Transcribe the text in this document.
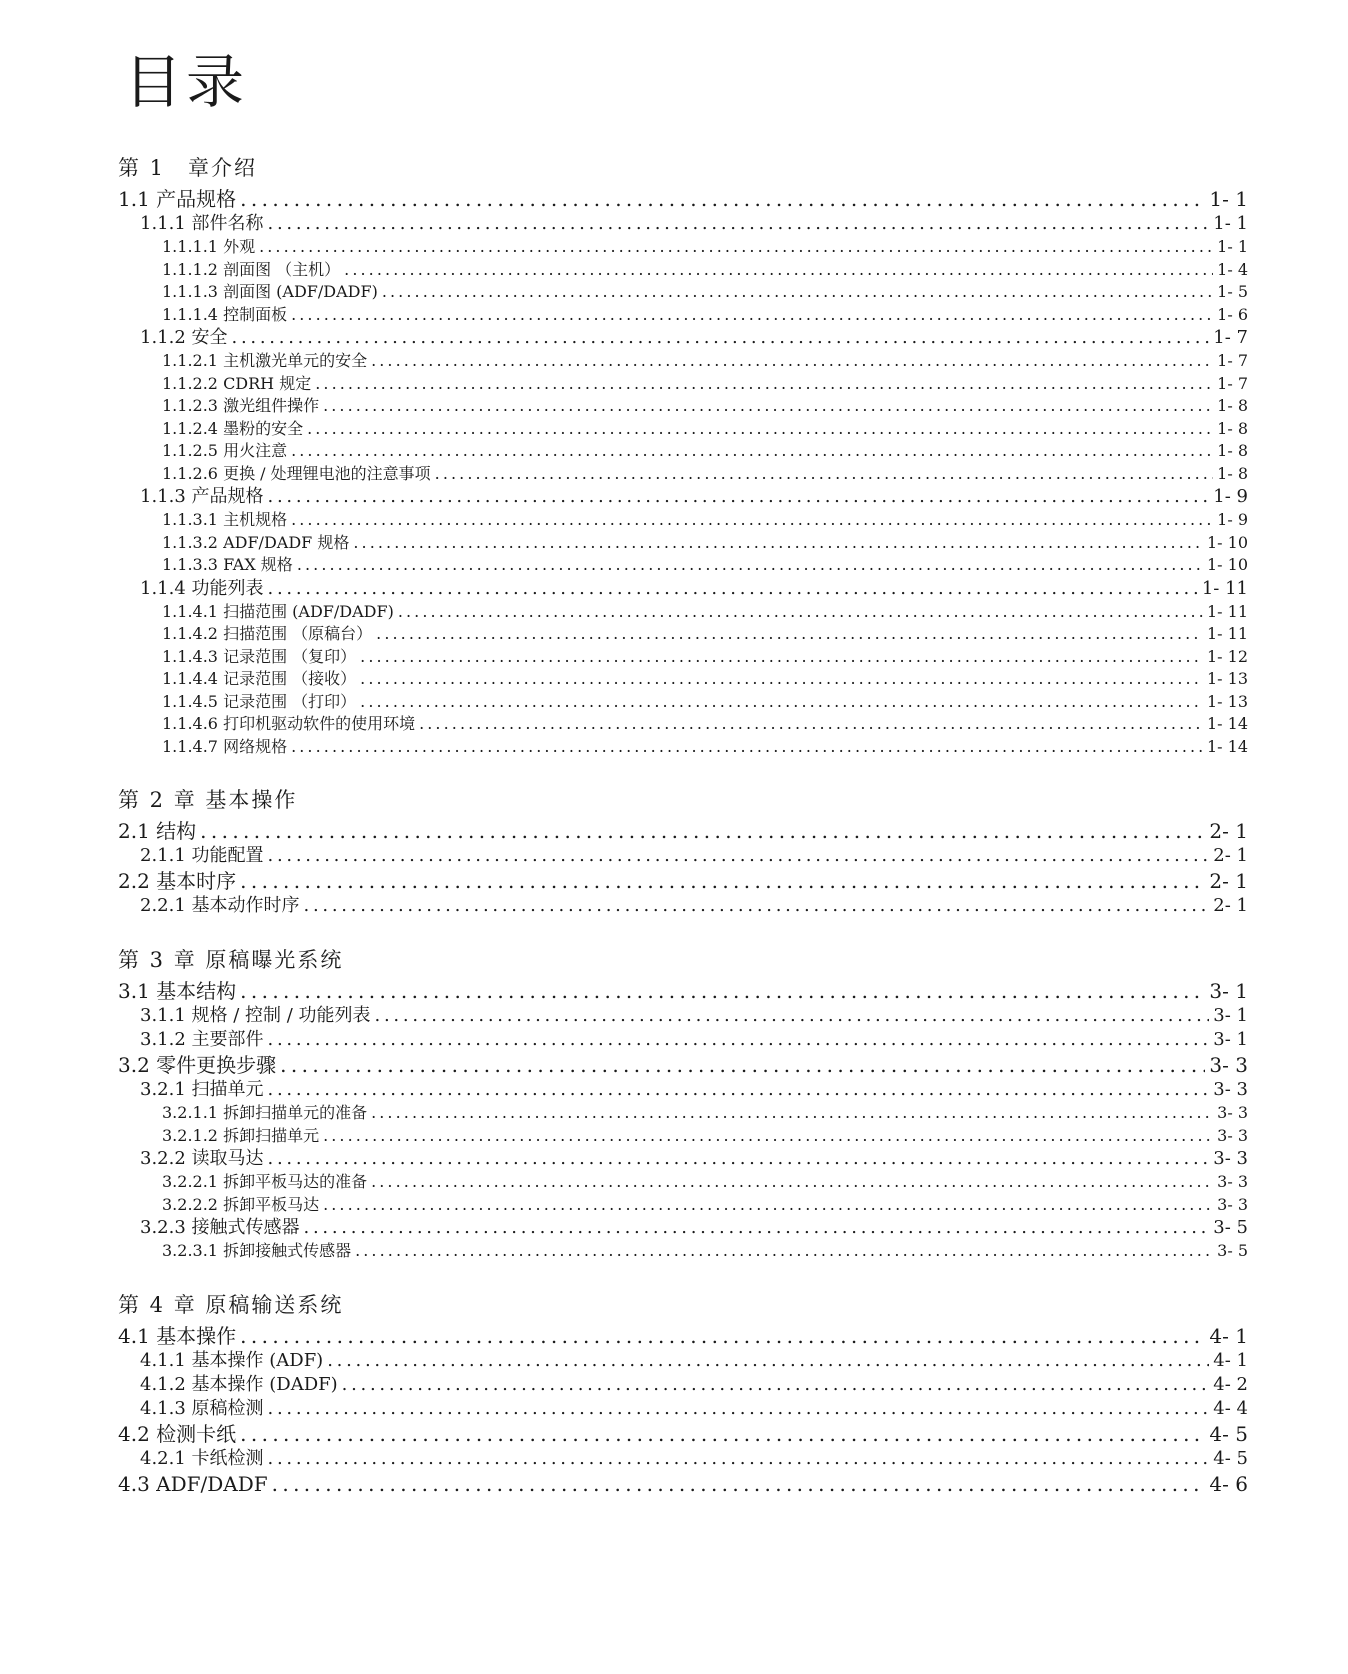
目录
第 1　章介绍
1.1 产品规格 . . .	1- 1
1.1.1 部件名称 . . .	1- 1
1.1.1.1 外观 . . .	1- 1
1.1.1.2 剖面图 （主机） . . .	1- 4
1.1.1.3 剖面图 (ADF/DADF) . . .	1- 5
1.1.1.4 控制面板 . . .	1- 6
1.1.2 安全 . . .	1- 7
1.1.2.1 主机激光单元的安全 . . .	1- 7
1.1.2.2 CDRH 规定 . . .	1- 7
1.1.2.3 激光组件操作 . . .	1- 8
1.1.2.4 墨粉的安全 . . .	1- 8
1.1.2.5 用火注意 . . .	1- 8
1.1.2.6 更换 / 处理锂电池的注意事项 . . .	1- 8
1.1.3 产品规格 . . .	1- 9
1.1.3.1 主机规格 . . .	1- 9
1.1.3.2 ADF/DADF 规格 . . .	1- 10
1.1.3.3 FAX 规格 . . .	1- 10
1.1.4 功能列表 . . .	1- 11
1.1.4.1 扫描范围 (ADF/DADF) . . .	1- 11
1.1.4.2 扫描范围 （原稿台） . . .	1- 11
1.1.4.3 记录范围 （复印） . . .	1- 12
1.1.4.4 记录范围 （接收） . . .	1- 13
1.1.4.5 记录范围 （打印） . . .	1- 13
1.1.4.6 打印机驱动软件的使用环境 . . .	1- 14
1.1.4.7 网络规格 . . .	1- 14
第 2 章 基本操作
2.1 结构 . . .	2- 1
2.1.1 功能配置 . . .	2- 1
2.2 基本时序 . . .	2- 1
2.2.1 基本动作时序 . . .	2- 1
第 3 章 原稿曝光系统
3.1 基本结构 . . .	3- 1
3.1.1 规格 / 控制 / 功能列表 . . .	3- 1
3.1.2 主要部件 . . .	3- 1
3.2 零件更换步骤 . . .	3- 3
3.2.1 扫描单元 . . .	3- 3
3.2.1.1 拆卸扫描单元的准备 . . .	3- 3
3.2.1.2 拆卸扫描单元 . . .	3- 3
3.2.2 读取马达 . . .	3- 3
3.2.2.1 拆卸平板马达的准备 . . .	3- 3
3.2.2.2 拆卸平板马达 . . .	3- 3
3.2.3 接触式传感器 . . .	3- 5
3.2.3.1 拆卸接触式传感器 . . .	3- 5
第 4 章 原稿输送系统
4.1 基本操作 . . .	4- 1
4.1.1 基本操作 (ADF) . . .	4- 1
4.1.2 基本操作 (DADF) . . .	4- 2
4.1.3 原稿检测 . . .	4- 4
4.2 检测卡纸 . . .	4- 5
4.2.1 卡纸检测 . . .	4- 5
4.3 ADF/DADF . . .	4- 6
